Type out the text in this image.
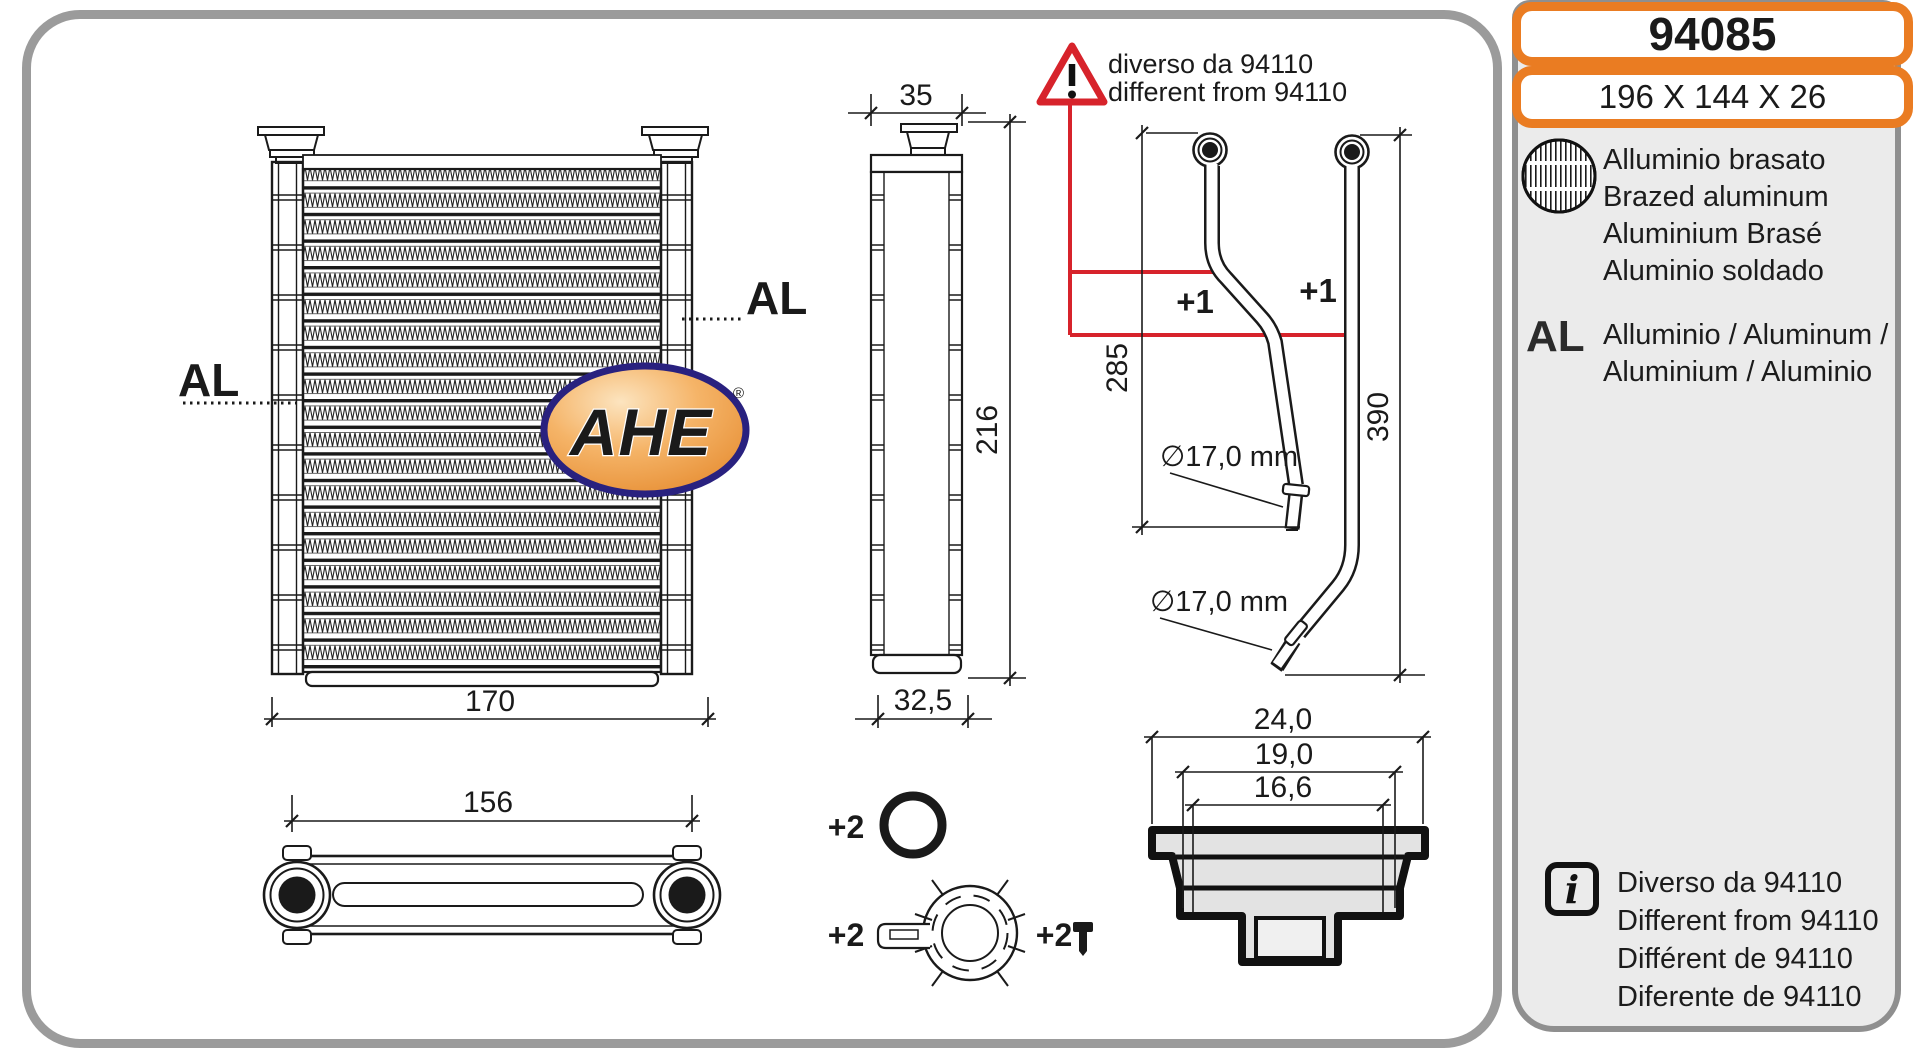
170
AL
AL
AHE
®
35
32,5
216
+1	+1
285
390
∅17,0 mm
∅17,0 mm
diverso da 94110
different from 94110
156
+2
+2	+2
24,0
19,0
16,6
94085
196 X 144 X 26
Alluminio brasato
Brazed aluminum
Aluminium Brasé
Aluminio soldado
AL Alluminio / Aluminum /
Aluminium / Aluminio
i Diverso da 94110
Different from 94110
Différent de 94110
Diferente de 94110
